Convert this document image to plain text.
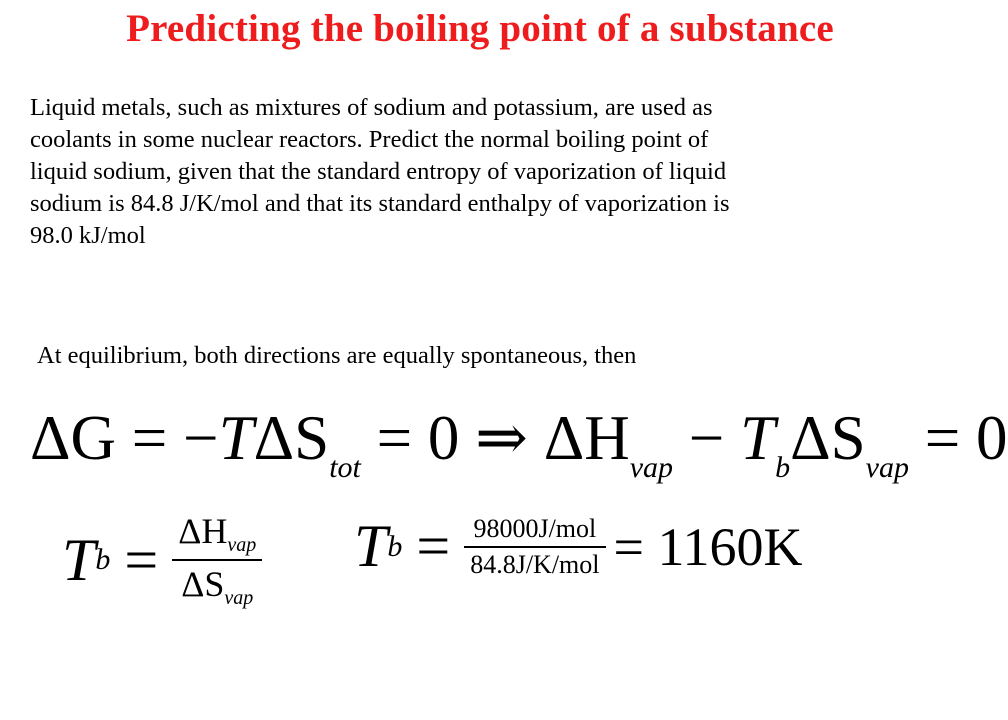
Predicting the boiling point of a substance
Liquid metals, such as mixtures of sodium and potassium, are used as
coolants in some nuclear reactors. Predict the normal boiling point of
liquid sodium, given that the standard entropy of vaporization of liquid
sodium is 84.8 J/K/mol and that its standard enthalpy of vaporization is
98.0 kJ/mol
At equilibrium, both directions are equally spontaneous, then
$\Delta G = -T\Delta S_{tot} = 0$ ⇒ $\Delta H_{vap} - T_b\Delta S_{vap} = 0$
T $b = \frac{\Delta H_{vap}}{\Delta S_{vap}}$ T $b = \frac{\text{98000J/mol}}{\text{84.8J/K/mol}} = 1160K$
